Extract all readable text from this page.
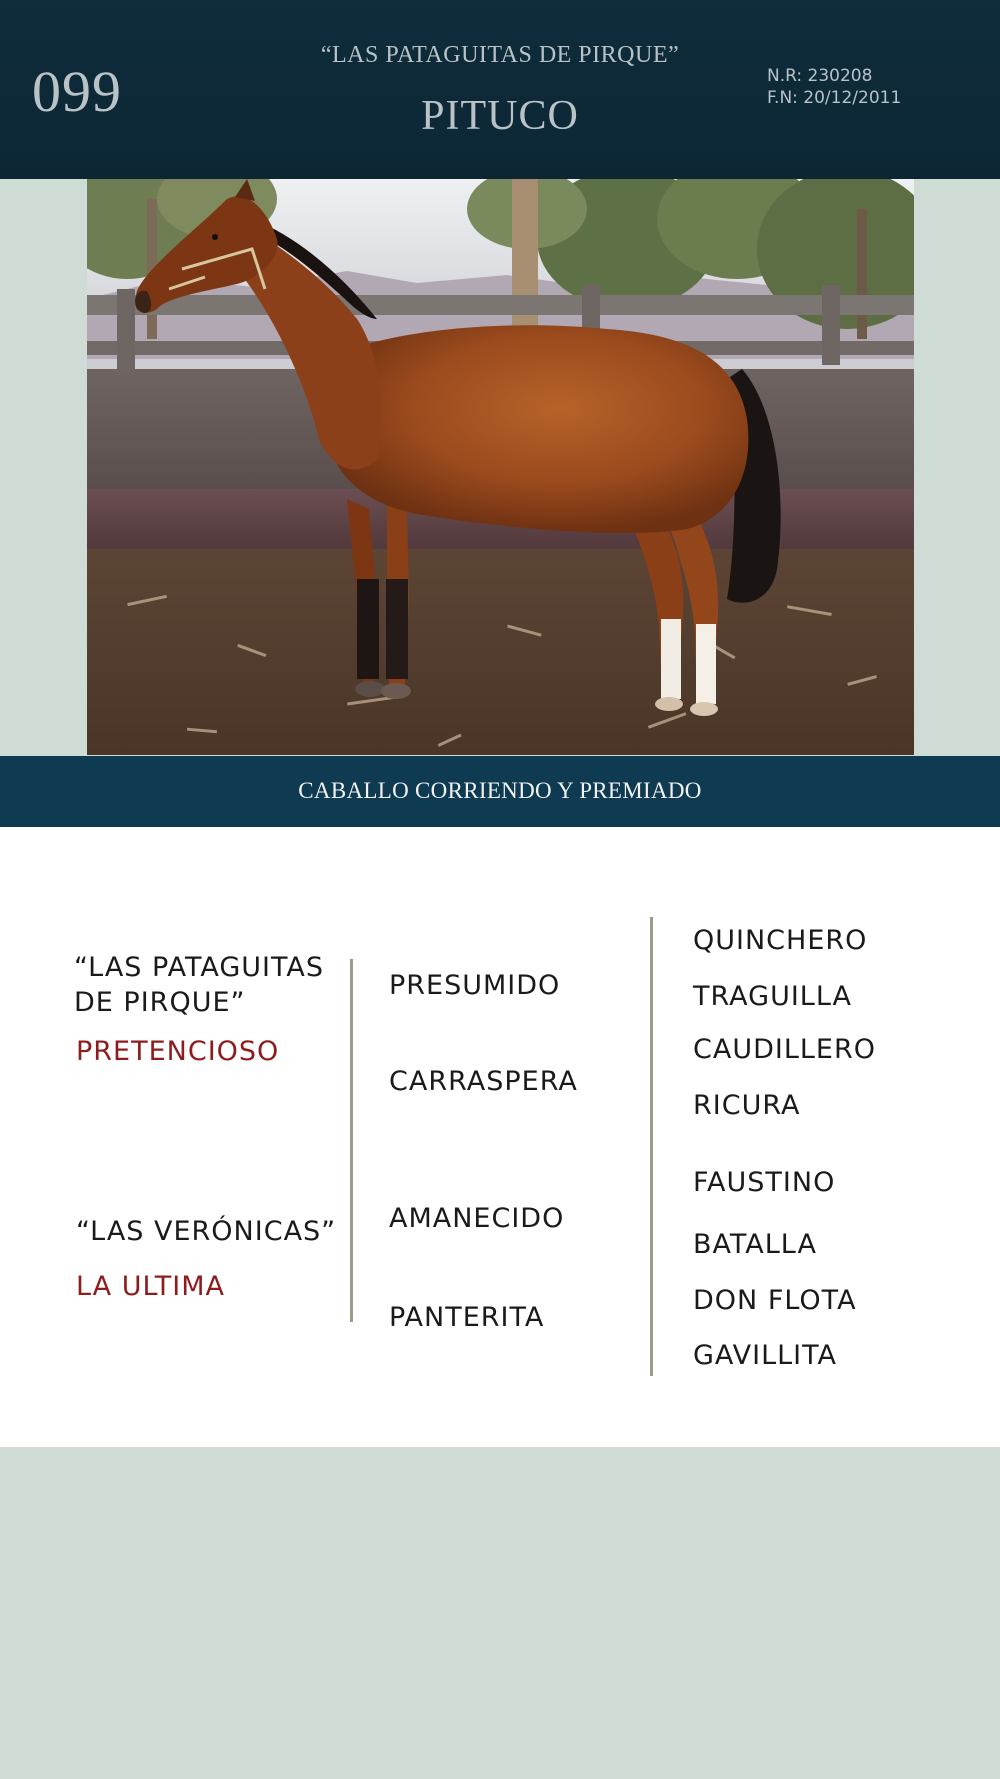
099
“LAS PATAGUITAS DE PIRQUE”
PITUCO
N.R: 230208
F.N: 20/12/2011
CABALLO CORRIENDO Y PREMIADO
“LAS PATAGUITAS
DE PIRQUE”
PRETENCIOSO
“LAS VERÓNICAS”
LA ULTIMA
PRESUMIDO
CARRASPERA
AMANECIDO
PANTERITA
QUINCHERO
TRAGUILLA
CAUDILLERO
RICURA
FAUSTINO
BATALLA
DON FLOTA
GAVILLITA
